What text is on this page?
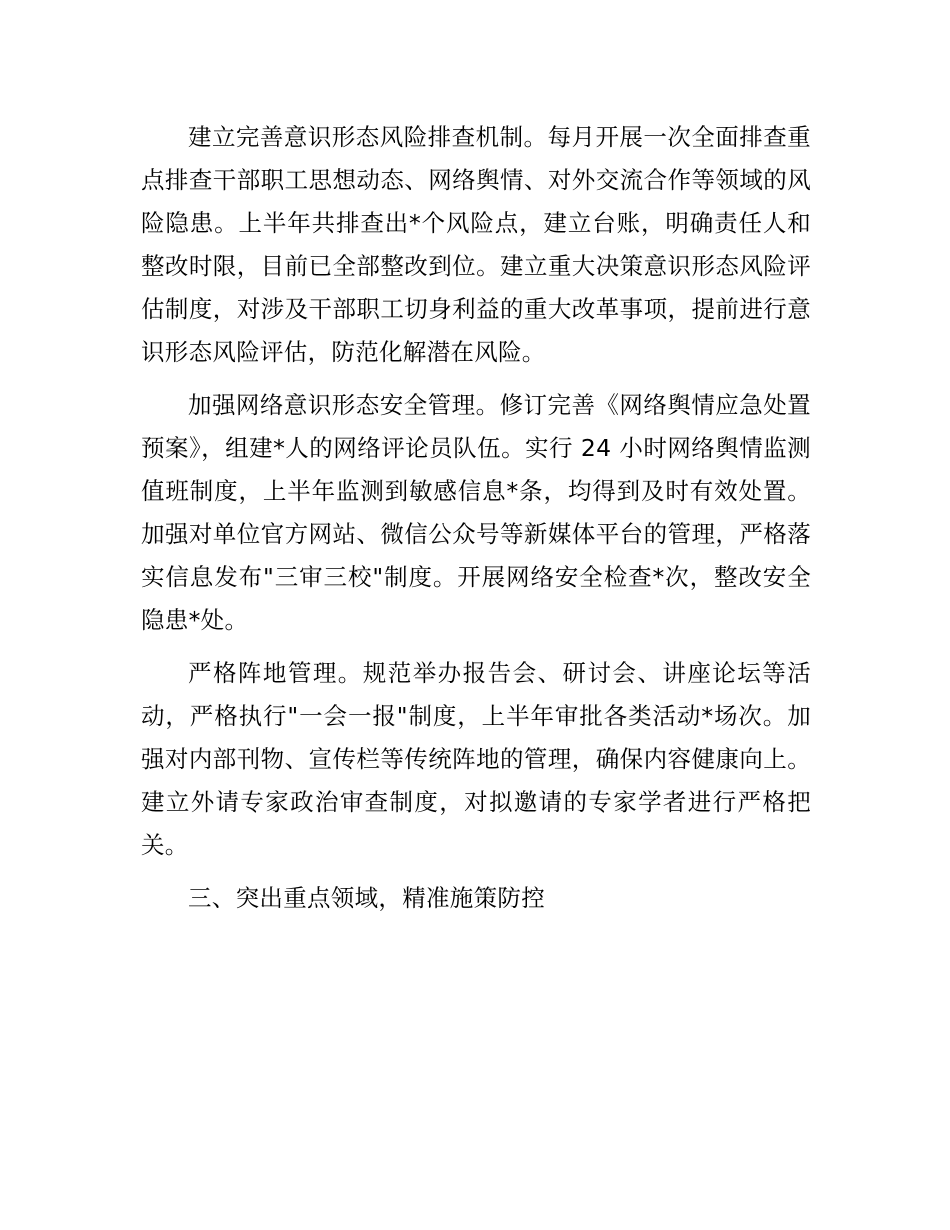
建立完善意识形态风险排查机制。每月开展一次全面排查重点排查干部职工思想动态、网络舆情、对外交流合作等领域的风险隐患。上半年共排查出*个风险点，建立台账，明确责任人和整改时限，目前已全部整改到位。建立重大决策意识形态风险评估制度，对涉及干部职工切身利益的重大改革事项，提前进行意识形态风险评估，防范化解潜在风险。

加强网络意识形态安全管理。修订完善《网络舆情应急处置预案》，组建*人的网络评论员队伍。实行 24 小时网络舆情监测值班制度，上半年监测到敏感信息*条，均得到及时有效处置。加强对单位官方网站、微信公众号等新媒体平台的管理，严格落实信息发布"三审三校"制度。开展网络安全检查*次，整改安全隐患*处。

严格阵地管理。规范举办报告会、研讨会、讲座论坛等活动，严格执行"一会一报"制度，上半年审批各类活动*场次。加强对内部刊物、宣传栏等传统阵地的管理，确保内容健康向上。建立外请专家政治审查制度，对拟邀请的专家学者进行严格把关。

三、突出重点领域，精准施策防控
